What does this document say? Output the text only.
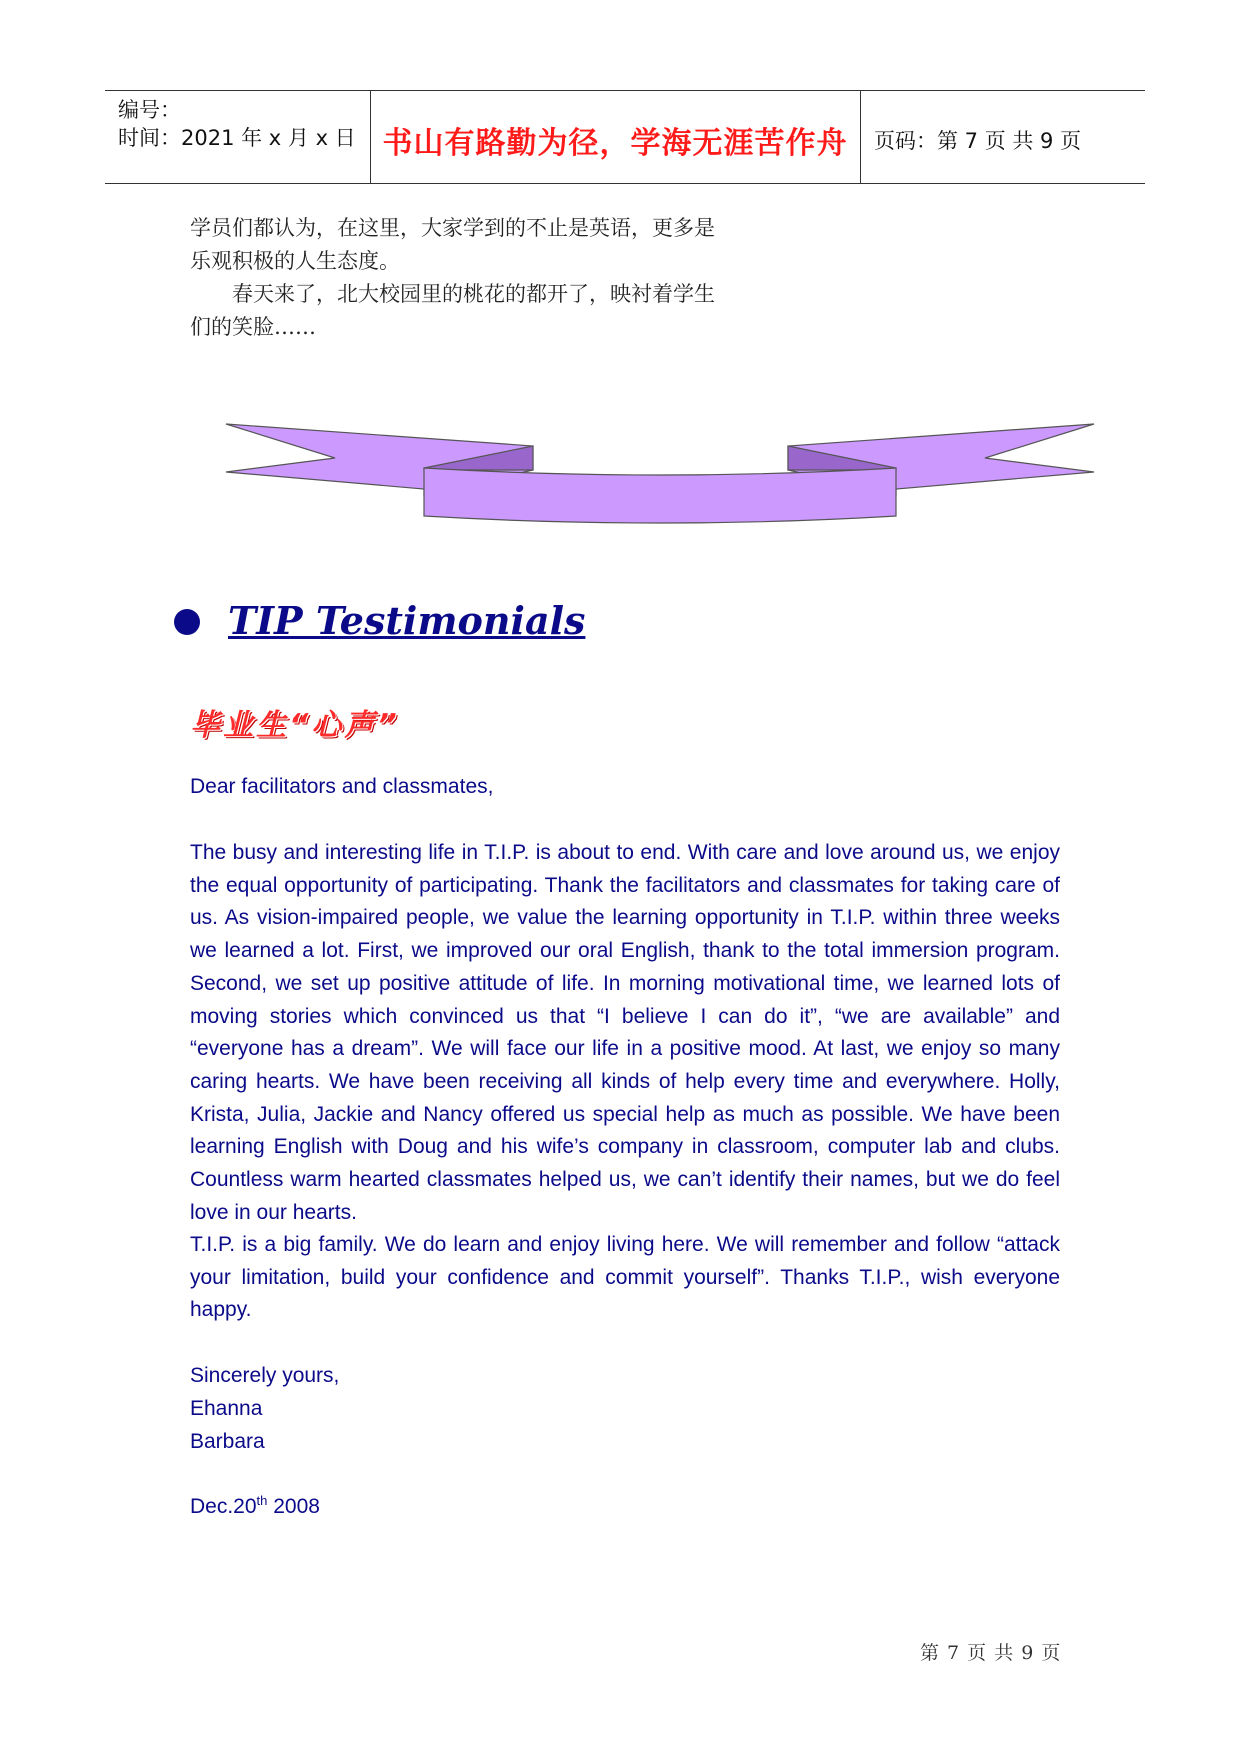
编号：
时间：2021 年 x 月 x 日 书山有路勤为径，学海无涯苦作舟	页码：第 7 页 共 9 页
学员们都认为，在这里，大家学到的不止是英语，更多是乐观积极的人生态度。
春天来了，北大校园里的桃花的都开了，映衬着学生们的笑脸……
TIP Testimonials
毕业生“心声”
Dear facilitators and classmates,
The busy and interesting life in T.I.P. is about to end. With care and love around us, we enjoy the equal opportunity of participating. Thank the facilitators and classmates for taking care of us. As vision-impaired people, we value the learning opportunity in T.I.P. within three weeks we learned a lot. First, we improved our oral English, thank to the total immersion program. Second, we set up positive attitude of life. In morning motivational time, we learned lots of moving stories which convinced us that “I believe I can do it”, “we are available” and “everyone has a dream”. We will face our life in a positive mood. At last, we enjoy so many caring hearts. We have been receiving all kinds of help every time and everywhere. Holly, Krista, Julia, Jackie and Nancy offered us special help as much as possible. We have been learning English with Doug and his wife’s company in classroom, computer lab and clubs. Countless warm hearted classmates helped us, we can’t identify their names, but we do feel love in our hearts.
T.I.P. is a big family. We do learn and enjoy living here. We will remember and follow “attack your limitation, build your confidence and commit yourself”. Thanks T.I.P., wish everyone happy.
Sincerely yours,
Ehanna
Barbara
Dec.20th 2008
第 7 页 共 9 页
